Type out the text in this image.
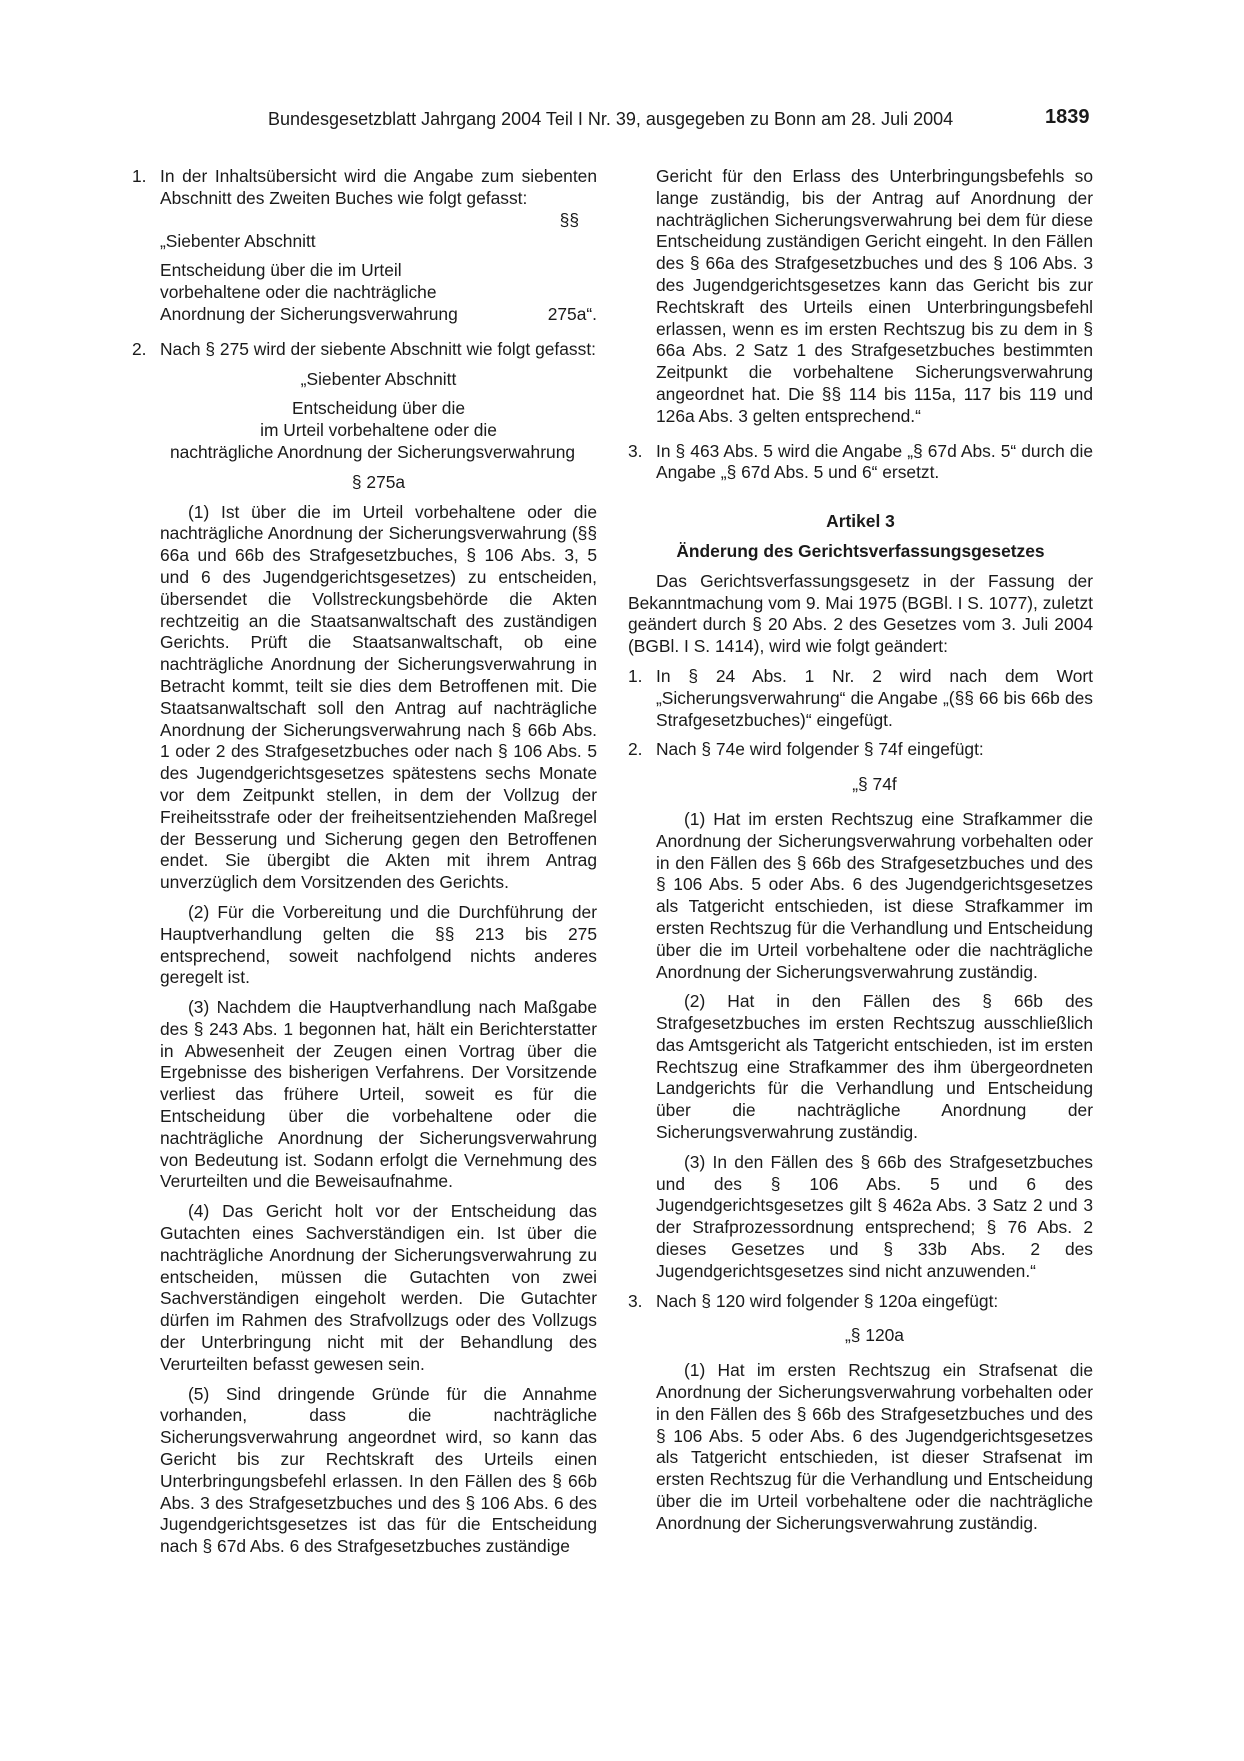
Bundesgesetzblatt Jahrgang 2004 Teil I Nr. 39, ausgegeben zu Bonn am 28. Juli 2004	1839
1. In der Inhaltsübersicht wird die Angabe zum siebenten Abschnitt des Zweiten Buches wie folgt gefasst:
§§
„Siebenter Abschnitt
Entscheidung über die im Urteil
vorbehaltene oder die nachträgliche
Anordnung der Sicherungsverwahrung	275a“.
2. Nach § 275 wird der siebente Abschnitt wie folgt gefasst:

„Siebenter Abschnitt

Entscheidung über die

im Urteil vorbehaltene oder die

nachträgliche Anordnung der Sicherungsverwahrung

§ 275a

(1) Ist über die im Urteil vorbehaltene oder die nachträgliche Anordnung der Sicherungsverwahrung (§§ 66a und 66b des Strafgesetzbuches, § 106 Abs. 3, 5 und 6 des Jugendgerichtsgesetzes) zu entscheiden, übersendet die Vollstreckungsbehörde die Akten rechtzeitig an die Staatsanwaltschaft des zuständigen Gerichts. Prüft die Staatsanwaltschaft, ob eine nachträgliche Anordnung der Sicherungsverwahrung in Betracht kommt, teilt sie dies dem Betroffenen mit. Die Staatsanwaltschaft soll den Antrag auf nachträgliche Anordnung der Sicherungsverwahrung nach § 66b Abs. 1 oder 2 des Strafgesetzbuches oder nach § 106 Abs. 5 des Jugendgerichtsgesetzes spätestens sechs Monate vor dem Zeitpunkt stellen, in dem der Vollzug der Freiheitsstrafe oder der freiheitsentziehenden Maßregel der Besserung und Sicherung gegen den Betroffenen endet. Sie übergibt die Akten mit ihrem Antrag unverzüglich dem Vorsitzenden des Gerichts.

(2) Für die Vorbereitung und die Durchführung der Hauptverhandlung gelten die §§ 213 bis 275 entsprechend, soweit nachfolgend nichts anderes geregelt ist.

(3) Nachdem die Hauptverhandlung nach Maßgabe des § 243 Abs. 1 begonnen hat, hält ein Berichterstatter in Abwesenheit der Zeugen einen Vortrag über die Ergebnisse des bisherigen Verfahrens. Der Vorsitzende verliest das frühere Urteil, soweit es für die Entscheidung über die vorbehaltene oder die nachträgliche Anordnung der Sicherungsverwahrung von Bedeutung ist. Sodann erfolgt die Vernehmung des Verurteilten und die Beweisaufnahme.

(4) Das Gericht holt vor der Entscheidung das Gutachten eines Sachverständigen ein. Ist über die nachträgliche Anordnung der Sicherungsverwahrung zu entscheiden, müssen die Gutachten von zwei Sachverständigen eingeholt werden. Die Gutachter dürfen im Rahmen des Strafvollzugs oder des Vollzugs der Unterbringung nicht mit der Behandlung des Verurteilten befasst gewesen sein.

(5) Sind dringende Gründe für die Annahme vorhanden, dass die nachträgliche Sicherungsverwahrung angeordnet wird, so kann das Gericht bis zur Rechtskraft des Urteils einen Unterbringungsbefehl erlassen. In den Fällen des § 66b Abs. 3 des Strafgesetzbuches und des § 106 Abs. 6 des Jugendgerichtsgesetzes ist das für die Entscheidung nach § 67d Abs. 6 des Strafgesetzbuches zuständige

Gericht für den Erlass des Unterbringungsbefehls so lange zuständig, bis der Antrag auf Anordnung der nachträglichen Sicherungsverwahrung bei dem für diese Entscheidung zuständigen Gericht eingeht. In den Fällen des § 66a des Strafgesetzbuches und des § 106 Abs. 3 des Jugendgerichtsgesetzes kann das Gericht bis zur Rechtskraft des Urteils einen Unterbringungsbefehl erlassen, wenn es im ersten Rechtszug bis zu dem in § 66a Abs. 2 Satz 1 des Strafgesetzbuches bestimmten Zeitpunkt die vorbehaltene Sicherungsverwahrung angeordnet hat. Die §§ 114 bis 115a, 117 bis 119 und 126a Abs. 3 gelten entsprechend.“

3. In § 463 Abs. 5 wird die Angabe „§ 67d Abs. 5“ durch die Angabe „§ 67d Abs. 5 und 6“ ersetzt.

Artikel 3

Änderung des Gerichtsverfassungsgesetzes

Das Gerichtsverfassungsgesetz in der Fassung der Bekanntmachung vom 9. Mai 1975 (BGBl. I S. 1077), zuletzt geändert durch § 20 Abs. 2 des Gesetzes vom 3. Juli 2004 (BGBl. I S. 1414), wird wie folgt geändert:

1. In § 24 Abs. 1 Nr. 2 wird nach dem Wort „Sicherungsverwahrung“ die Angabe „(§§ 66 bis 66b des Strafgesetzbuches)“ eingefügt.
2. Nach § 74e wird folgender § 74f eingefügt:

„§ 74f

(1) Hat im ersten Rechtszug eine Strafkammer die Anordnung der Sicherungsverwahrung vorbehalten oder in den Fällen des § 66b des Strafgesetzbuches und des § 106 Abs. 5 oder Abs. 6 des Jugendgerichtsgesetzes als Tatgericht entschieden, ist diese Strafkammer im ersten Rechtszug für die Verhandlung und Entscheidung über die im Urteil vorbehaltene oder die nachträgliche Anordnung der Sicherungsverwahrung zuständig.

(2) Hat in den Fällen des § 66b des Strafgesetzbuches im ersten Rechtszug ausschließlich das Amtsgericht als Tatgericht entschieden, ist im ersten Rechtszug eine Strafkammer des ihm übergeordneten Landgerichts für die Verhandlung und Entscheidung über die nachträgliche Anordnung der Sicherungsverwahrung zuständig.

(3) In den Fällen des § 66b des Strafgesetzbuches und des § 106 Abs. 5 und 6 des Jugendgerichtsgesetzes gilt § 462a Abs. 3 Satz 2 und 3 der Strafprozessordnung entsprechend; § 76 Abs. 2 dieses Gesetzes und § 33b Abs. 2 des Jugendgerichtsgesetzes sind nicht anzuwenden.“

3. Nach § 120 wird folgender § 120a eingefügt:

„§ 120a

(1) Hat im ersten Rechtszug ein Strafsenat die Anordnung der Sicherungsverwahrung vorbehalten oder in den Fällen des § 66b des Strafgesetzbuches und des § 106 Abs. 5 oder Abs. 6 des Jugendgerichtsgesetzes als Tatgericht entschieden, ist dieser Strafsenat im ersten Rechtszug für die Verhandlung und Entscheidung über die im Urteil vorbehaltene oder die nachträgliche Anordnung der Sicherungsverwahrung zuständig.
